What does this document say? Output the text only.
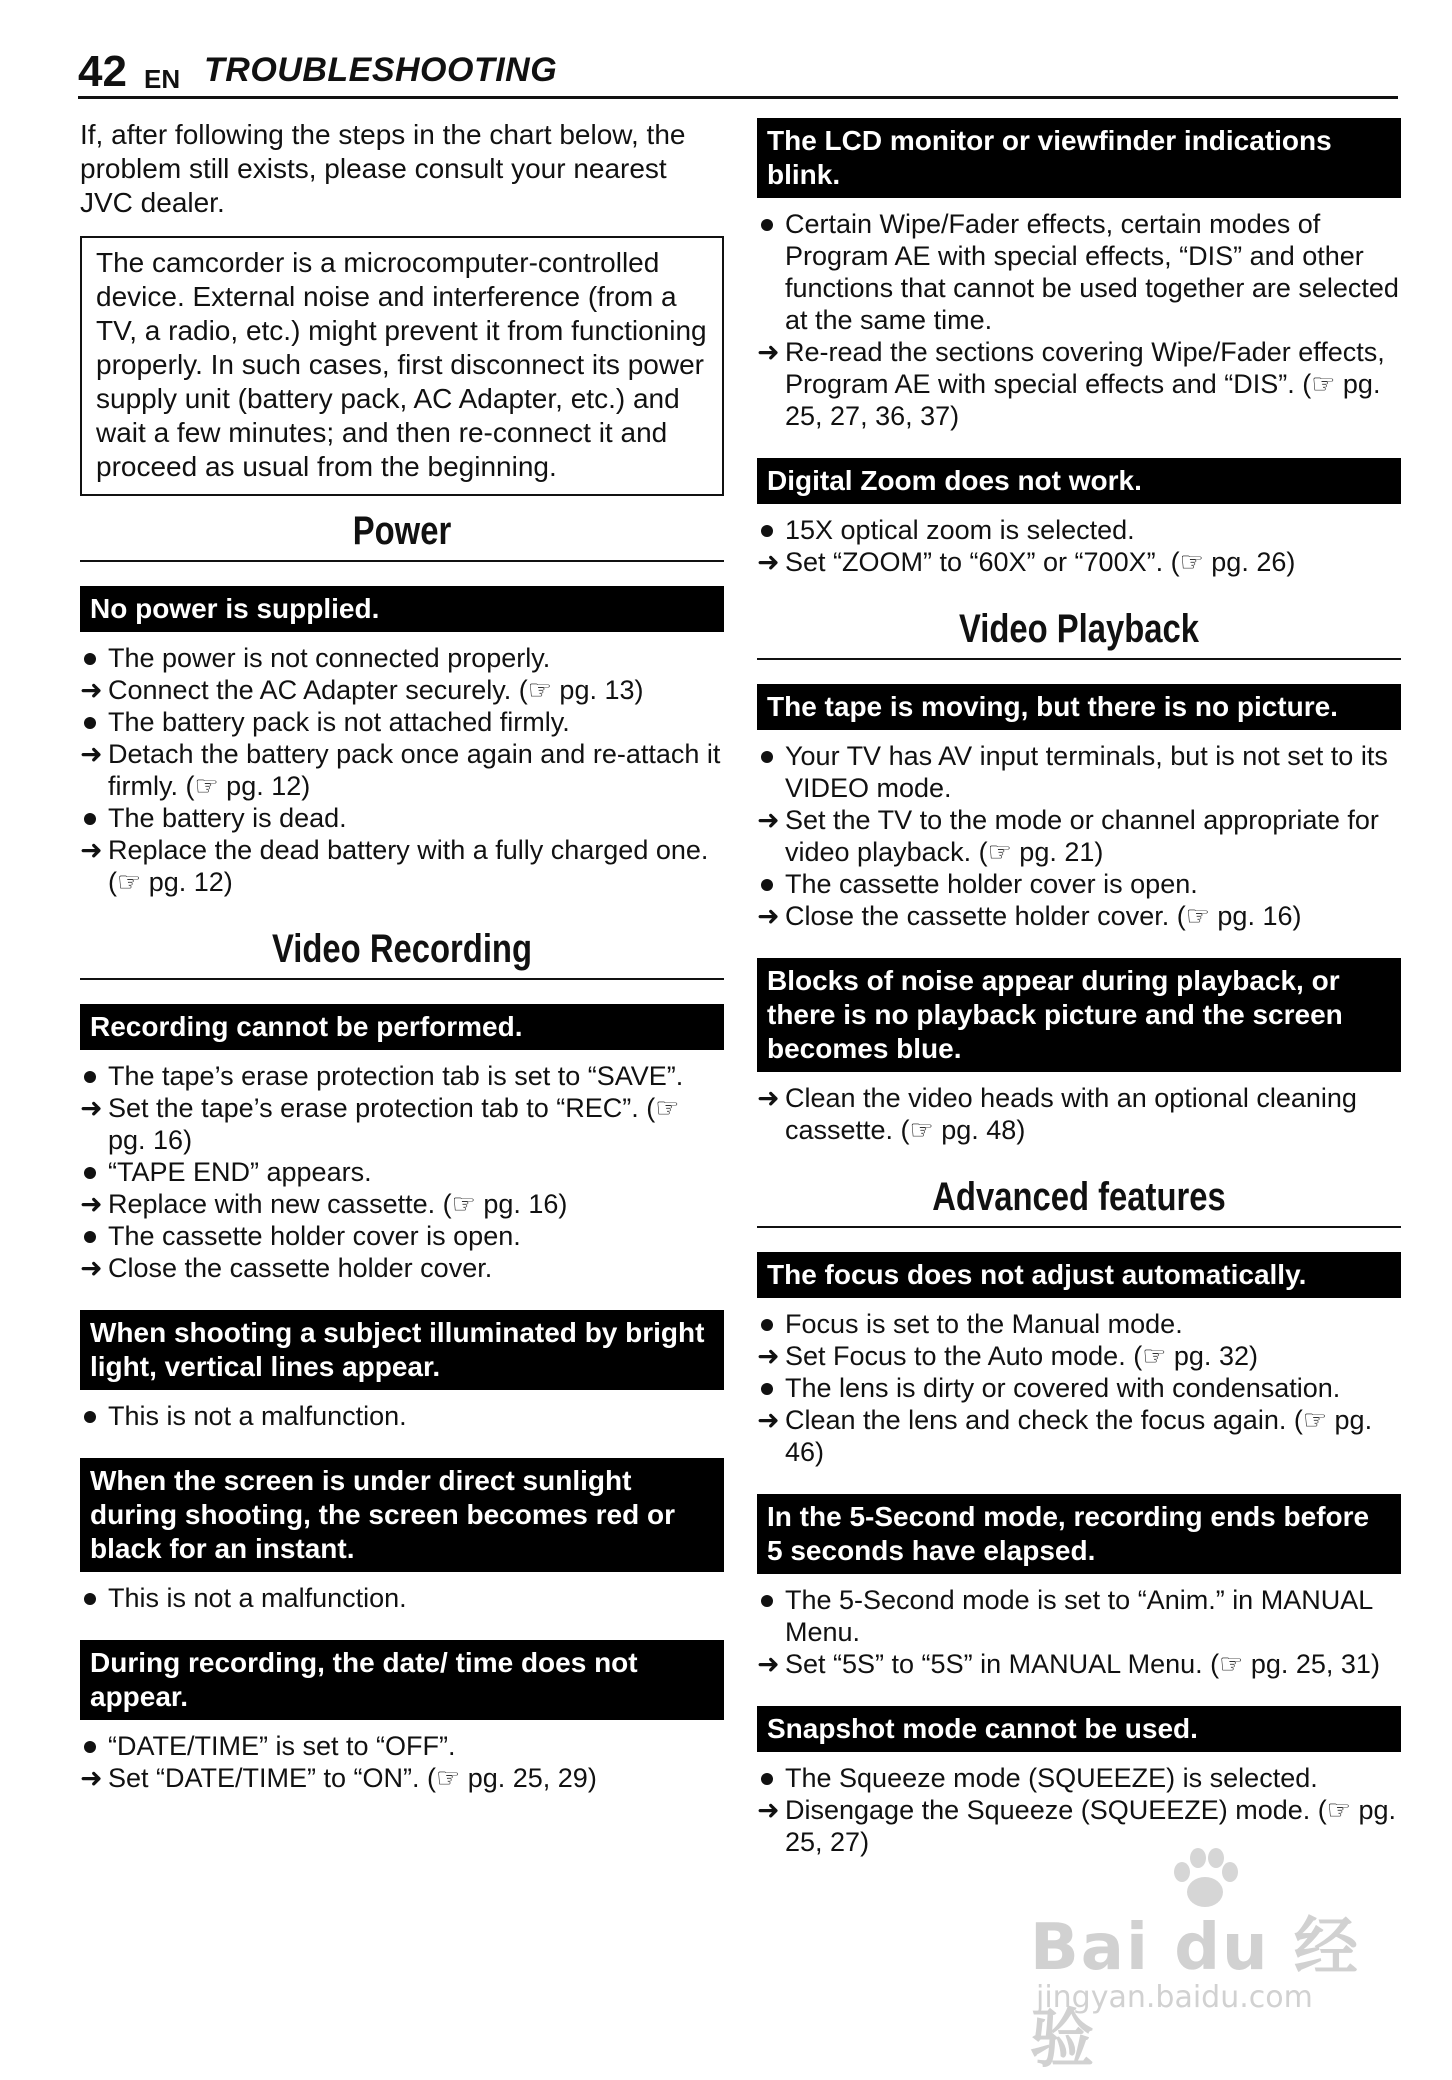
42 EN TROUBLESHOOTING

If, after following the steps in the chart below, the problem still exists, please consult your nearest JVC dealer.

The camcorder is a microcomputer-controlled device. External noise and interference (from a TV, a radio, etc.) might prevent it from functioning properly. In such cases, first disconnect its power supply unit (battery pack, AC Adapter, etc.) and wait a few minutes; and then re-connect it and proceed as usual from the beginning.
Power
No power is supplied.
The power is not connected properly.
➜ Connect the AC Adapter securely. (☞ pg. 13)
The battery pack is not attached firmly.
➜ Detach the battery pack once again and re-attach it firmly. (☞ pg. 12)
The battery is dead.
➜ Replace the dead battery with a fully charged one. (☞ pg. 12)
Video Recording
Recording cannot be performed.
The tape’s erase protection tab is set to “SAVE”.
➜ Set the tape’s erase protection tab to “REC”. (☞ pg. 16)
“TAPE END” appears.
➜ Replace with new cassette. (☞ pg. 16)
The cassette holder cover is open.
➜ Close the cassette holder cover.
When shooting a subject illuminated by bright light, vertical lines appear.
This is not a malfunction.
When the screen is under direct sunlight during shooting, the screen becomes red or black for an instant.
This is not a malfunction.
During recording, the date/ time does not appear.
“DATE/TIME” is set to “OFF”.
➜ Set “DATE/TIME” to “ON”. (☞ pg. 25, 29)
The LCD monitor or viewfinder indications blink.
Certain Wipe/Fader effects, certain modes of Program AE with special effects, “DIS” and other functions that cannot be used together are selected at the same time.
➜ Re-read the sections covering Wipe/Fader effects, Program AE with special effects and “DIS”. (☞ pg. 25, 27, 36, 37)
Digital Zoom does not work.
15X optical zoom is selected.
➜ Set “ZOOM” to “60X” or “700X”. (☞ pg. 26)
Video Playback
The tape is moving, but there is no picture.
Your TV has AV input terminals, but is not set to its VIDEO mode.
➜ Set the TV to the mode or channel appropriate for video playback. (☞ pg. 21)
The cassette holder cover is open.
➜ Close the cassette holder cover. (☞ pg. 16)
Blocks of noise appear during playback, or there is no playback picture and the screen becomes blue.
➜ Clean the video heads with an optional cleaning cassette. (☞ pg. 48)
Advanced features
The focus does not adjust automatically.
Focus is set to the Manual mode.
➜ Set Focus to the Auto mode. (☞ pg. 32)
The lens is dirty or covered with condensation.
➜ Clean the lens and check the focus again. (☞ pg. 46)
In the 5-Second mode, recording ends before 5 seconds have elapsed.
The 5-Second mode is set to “Anim.” in MANUAL Menu.
➜ Set “5S” to “5S” in MANUAL Menu. (☞ pg. 25, 31)
Snapshot mode cannot be used.
The Squeeze mode (SQUEEZE) is selected.
➜ Disengage the Squeeze (SQUEEZE) mode. (☞ pg. 25, 27)
Bai du 经验
jingyan.baidu.com
